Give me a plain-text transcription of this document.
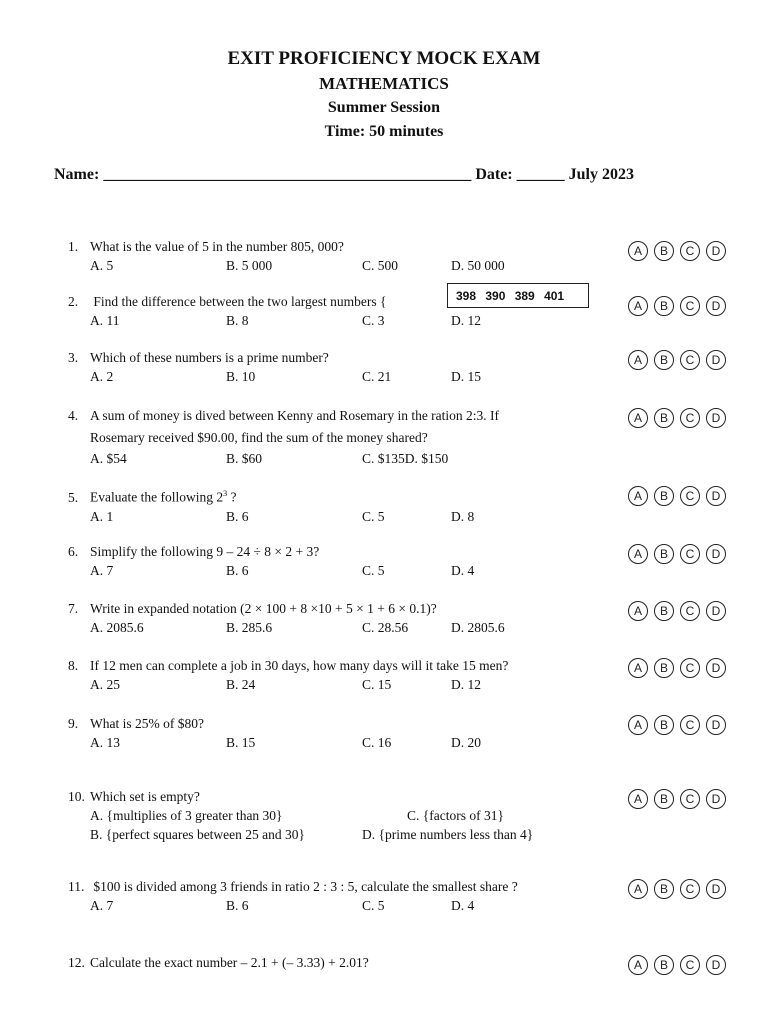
EXIT PROFICIENCY MOCK EXAM
MATHEMATICS
Summer Session
Time: 50 minutes
Name: ______________________________________________ Date: ______ July 2023
1. What is the value of 5 in the number 805, 000?
A. 5	B. 5 000	C. 500	D. 50 000
A	B	C	D
2. Find the difference between the two largest numbers {
A. 11	B. 8	C. 3	D. 12
398 390 389 401
A	B	C	D
3. Which of these numbers is a prime number?
A. 2	B. 10	C. 21	D. 15
A	B	C	D
4. A sum of money is dived between Kenny and Rosemary in the ration 2:3. If
Rosemary received $90.00, find the sum of the money shared?
A. $54	B. $60	C. $135D. $150
A	B	C	D
5. Evaluate the following $2^3$ ?
A. 1	B. 6	C. 5	D. 8
A	B	C	D
6. Simplify the following 9 – 24 ÷ 8 × 2 + 3?
A. 7	B. 6	C. 5	D. 4
A	B	C	D
7. Write in expanded notation (2 × 100 + 8 ×10 + 5 × 1 + 6 × 0.1)?
A. 2085.6	B. 285.6	C. 28.56	D. 2805.6
A	B	C	D
8. If 12 men can complete a job in 30 days, how many days will it take 15 men?
A. 25	B. 24	C. 15	D. 12
A	B	C	D
9. What is 25% of $80?
A. 13	B. 15	C. 16	D. 20
A	B	C	D
10. Which set is empty?
A. {multiplies of 3 greater than 30}	C. {factors of 31}
B. {perfect squares between 25 and 30}	D. {prime numbers less than 4}
A	B	C	D
11. $100 is divided among 3 friends in ratio 2 : 3 : 5, calculate the smallest share ?
A. 7	B. 6	C. 5	D. 4
A	B	C	D
12. Calculate the exact number – 2.1 + (– 3.33) + 2.01?	A	B	C	D
